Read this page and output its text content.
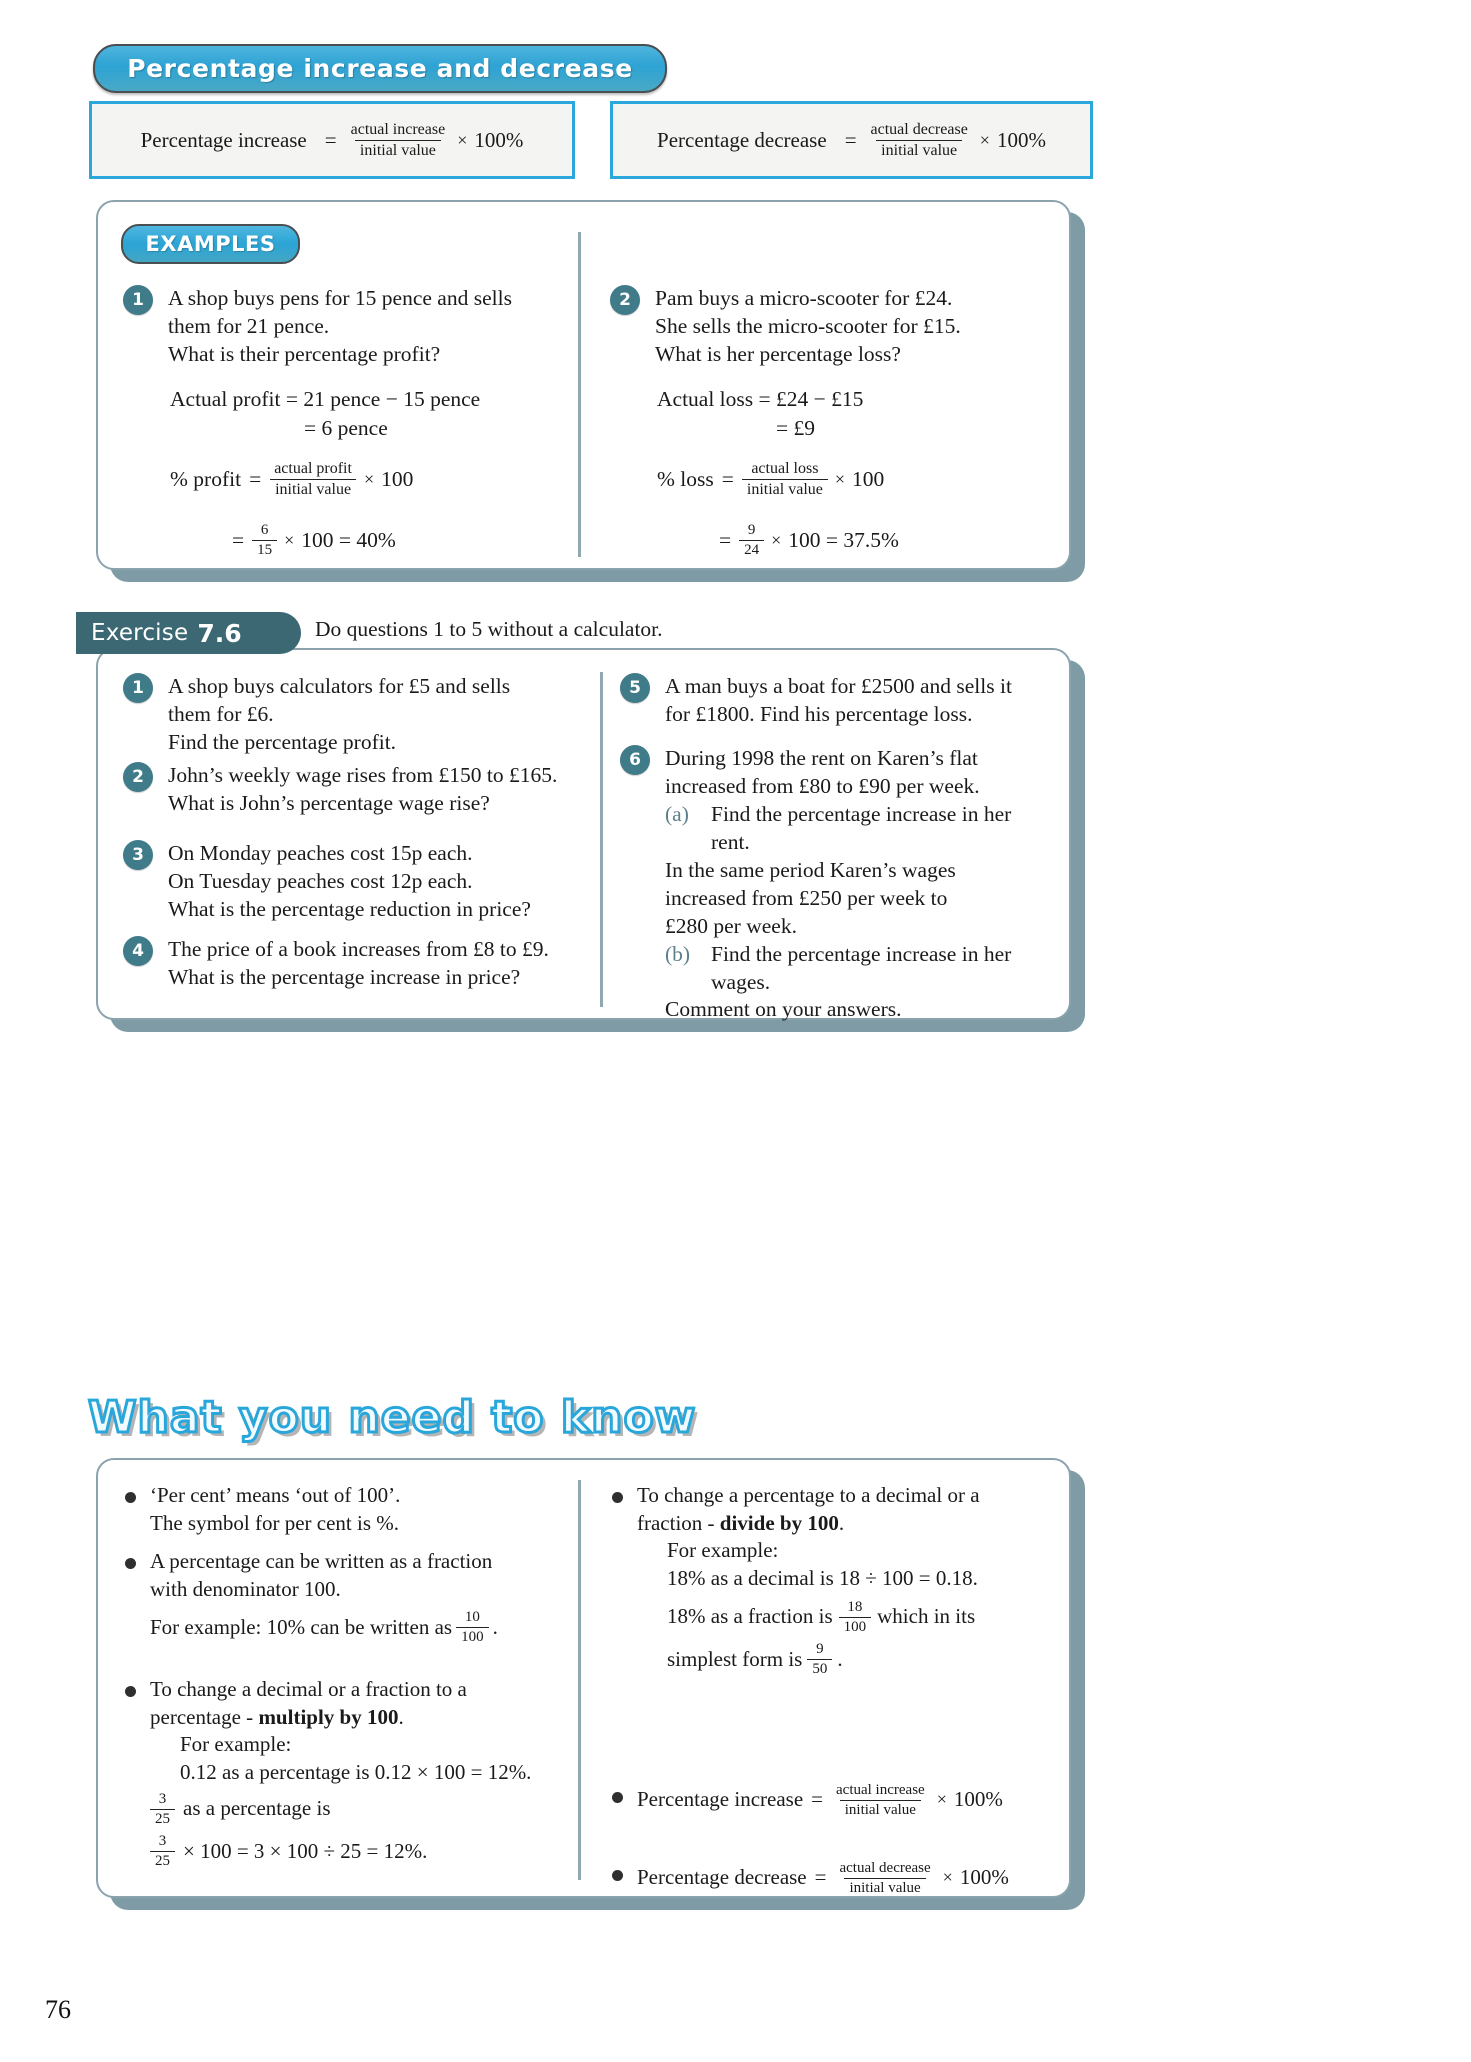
Percentage increase and decrease
Percentage increase = $\frac{\text{actual increase}}{\text{initial value}} \times 100\%$	Percentage decrease = $\frac{\text{actual decrease}}{\text{initial value}} \times 100\%$
EXAMPLES
1	A shop buys pens for 15 pence and sells
them for 21 pence.
What is their percentage profit?
Actual profit = 21 pence − 15 pence
= 6 pence
% profit = $\frac{\text{actual profit}}{\text{initial value}} \times 100$
= $\frac{6}{15} \times 100 = 40\%$
2	Pam buys a micro-scooter for £24.
She sells the micro-scooter for £15.
What is her percentage loss?
Actual loss = £24 − £15
= £9
% loss = $\frac{\text{actual loss}}{\text{initial value}} \times 100$
= $\frac{9}{24} \times 100 = 37.5\%$
Exercise 7.6	Do questions 1 to 5 without a calculator.
1	A shop buys calculators for £5 and sells
them for £6.
Find the percentage profit.
2	John’s weekly wage rises from £150 to £165.
What is John’s percentage wage rise?
3	On Monday peaches cost 15p each.
On Tuesday peaches cost 12p each.
What is the percentage reduction in price?
4	The price of a book increases from £8 to £9.
What is the percentage increase in price?
5	A man buys a boat for £2500 and sells it
for £1800. Find his percentage loss.
6	During 1998 the rent on Karen’s flat
increased from £80 to £90 per week.
(a)	Find the percentage increase in her
rent.
In the same period Karen’s wages
increased from £250 per week to
£280 per week.
(b) Find the percentage increase in her
wages.
Comment on your answers.
What you need to know
‘Per cent’ means ‘out of 100’.
The symbol for per cent is %.
A percentage can be written as a fraction
with denominator 100.
For example: 10% can be written as $\frac{10}{100}$ .
To change a decimal or a fraction to a
percentage - multiply by 100.
For example:
0.12 as a percentage is 0.12 × 100 = 12%.
$\frac{3}{25}$ as a percentage is
$\frac{3}{25} \times 100 = 3 \times 100 \div 25 = 12\%$.
To change a percentage to a decimal or a
fraction - divide by 100.
For example:
18% as a decimal is 18 ÷ 100 = 0.18.
18% as a fraction is $\frac{18}{100}$ which in its
simplest form is $\frac{9}{50}$ .
Percentage increase = $\frac{\text{actual increase}}{\text{initial value}} \times 100\%$
Percentage decrease = $\frac{\text{actual decrease}}{\text{initial value}} \times 100\%$
76
